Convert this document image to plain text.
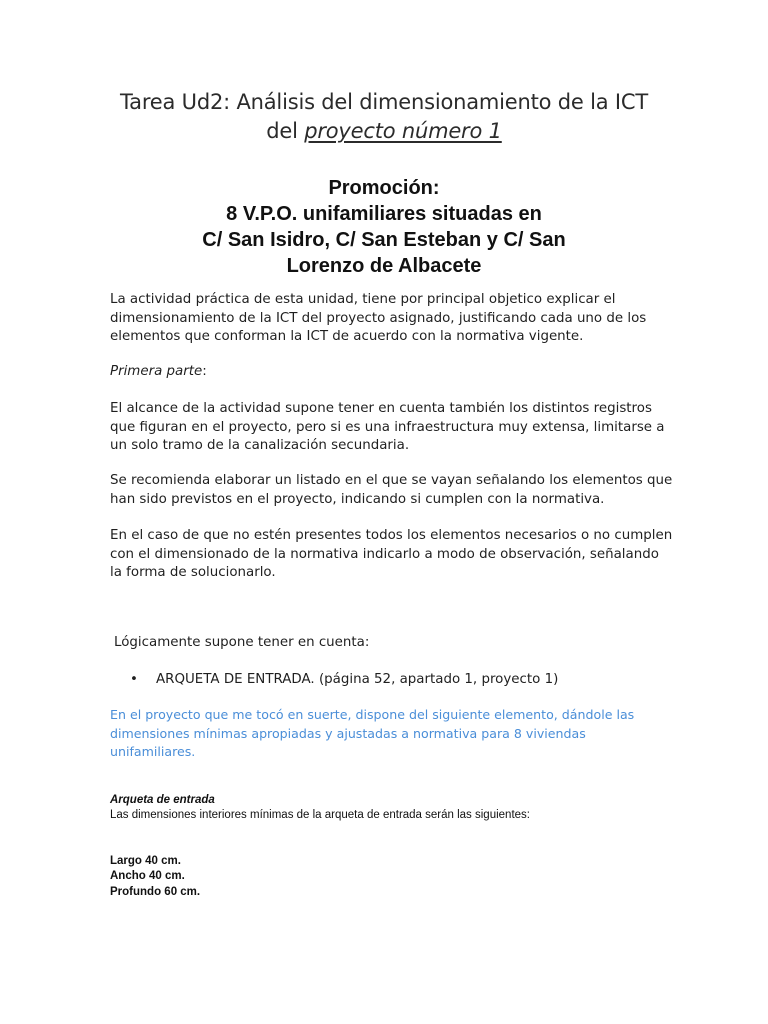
Tarea Ud2: Análisis del dimensionamiento de la ICT
del proyecto número 1
Promoción:
8 V.P.O. unifamiliares situadas en
C/ San Isidro, C/ San Esteban y C/ San
Lorenzo de Albacete
La actividad práctica de esta unidad, tiene por principal objetico explicar el
dimensionamiento de la ICT del proyecto asignado, justificando cada uno de los
elementos que conforman la ICT de acuerdo con la normativa vigente.
Primera parte:
El alcance de la actividad supone tener en cuenta también los distintos registros
que figuran en el proyecto, pero si es una infraestructura muy extensa, limitarse a
un solo tramo de la canalización secundaria.
Se recomienda elaborar un listado en el que se vayan señalando los elementos que
han sido previstos en el proyecto, indicando si cumplen con la normativa.
En el caso de que no estén presentes todos los elementos necesarios o no cumplen
con el dimensionado de la normativa indicarlo a modo de observación, señalando
la forma de solucionarlo.
Lógicamente supone tener en cuenta:
• ARQUETA DE ENTRADA. (página 52, apartado 1, proyecto 1)
En el proyecto que me tocó en suerte, dispone del siguiente elemento, dándole las
dimensiones mínimas apropiadas y ajustadas a normativa para 8 viviendas
unifamiliares.
Arqueta de entrada
Las dimensiones interiores mínimas de la arqueta de entrada serán las siguientes:
Largo 40 cm.
Ancho 40 cm.
Profundo 60 cm.
